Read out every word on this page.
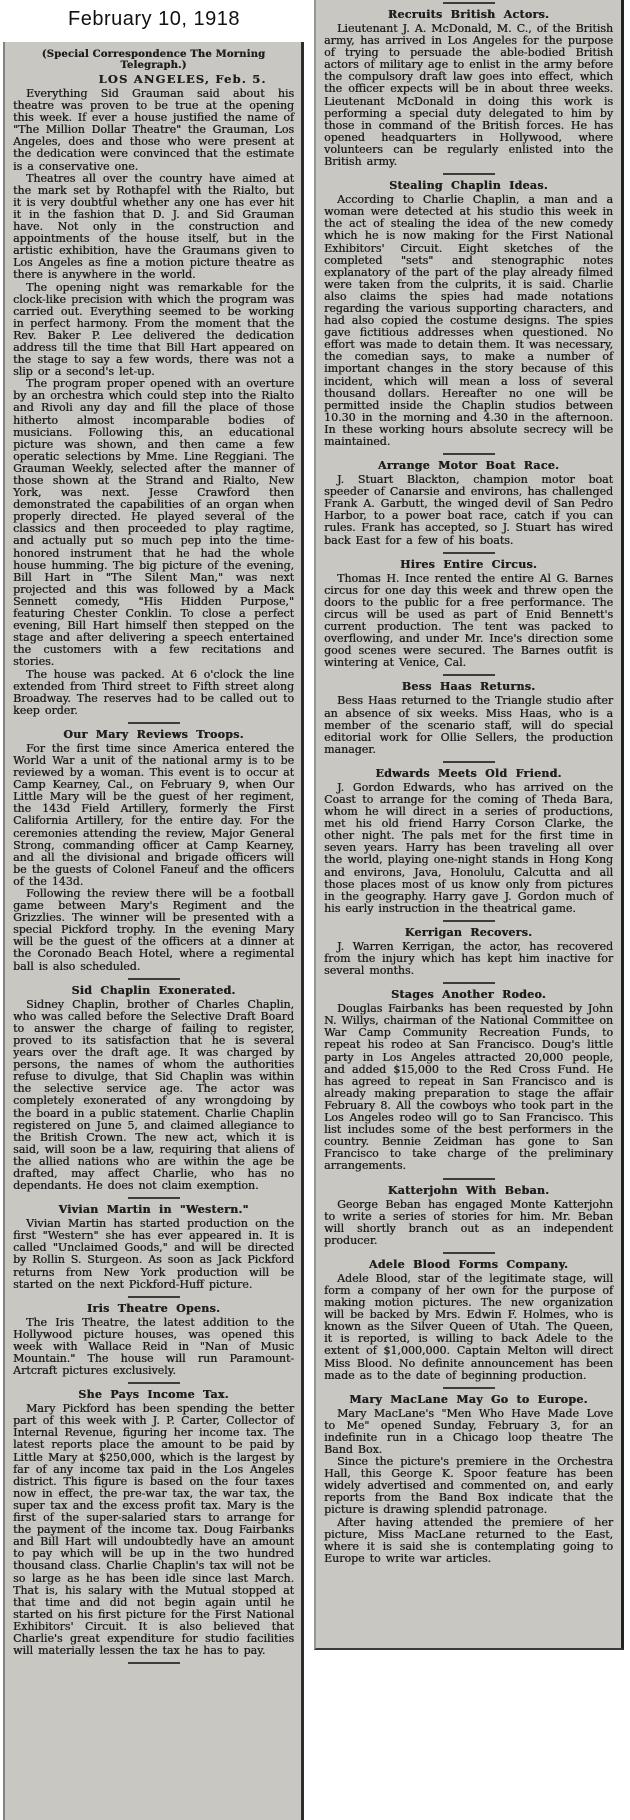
February 10, 1918
(Special Correspondence The Morning Telegraph.)
LOS ANGELES, Feb. 5.

Everything Sid Grauman said about his theatre was proven to be true at the opening this week. If ever a house justified the name of "The Million Dollar Theatre" the Grauman, Los Angeles, does and those who were present at the dedication were convinced that the estimate is a conservative one.

Theatres all over the country have aimed at the mark set by Rothapfel with the Rialto, but it is very doubtful whether any one has ever hit it in the fashion that D. J. and Sid Grauman have. Not only in the construction and appointments of the house itself, but in the artistic exhibition, have the Graumans given to Los Angeles as fine a motion picture theatre as there is anywhere in the world.

The opening night was remarkable for the clock-like precision with which the program was carried out. Everything seemed to be working in perfect harmony. From the moment that the Rev. Baker P. Lee delivered the dedication address till the time that Bill Hart appeared on the stage to say a few words, there was not a slip or a second's let-up.

The program proper opened with an overture by an orchestra which could step into the Rialto and Rivoli any day and fill the place of those hitherto almost incomparable bodies of musicians. Following this, an educational picture was shown, and then came a few operatic selections by Mme. Line Reggiani. The Grauman Weekly, selected after the manner of those shown at the Strand and Rialto, New York, was next. Jesse Crawford then demonstrated the capabilities of an organ when properly directed. He played several of the classics and then proceeded to play ragtime, and actually put so much pep into the time-honored instrument that he had the whole house humming. The big picture of the evening, Bill Hart in "The Silent Man," was next projected and this was followed by a Mack Sennett comedy, "His Hidden Purpose," featuring Chester Conklin. To close a perfect evening, Bill Hart himself then stepped on the stage and after delivering a speech entertained the customers with a few recitations and stories.

The house was packed. At 6 o'clock the line extended from Third street to Fifth street along Broadway. The reserves had to be called out to keep order.

Our Mary Reviews Troops.

For the first time since America entered the World War a unit of the national army is to be reviewed by a woman. This event is to occur at Camp Kearney, Cal., on February 9, when Our Little Mary will be the guest of her regiment, the 143d Field Artillery, formerly the First California Artillery, for the entire day. For the ceremonies attending the review, Major General Strong, commanding officer at Camp Kearney, and all the divisional and brigade officers will be the guests of Colonel Faneuf and the officers of the 143d.

Following the review there will be a football game between Mary's Regiment and the Grizzlies. The winner will be presented with a special Pickford trophy. In the evening Mary will be the guest of the officers at a dinner at the Coronado Beach Hotel, where a regimental ball is also scheduled.

Sid Chaplin Exonerated.

Sidney Chaplin, brother of Charles Chaplin, who was called before the Selective Draft Board to answer the charge of failing to register, proved to its satisfaction that he is several years over the draft age. It was charged by persons, the names of whom the authorities refuse to divulge, that Sid Chaplin was within the selective service age. The actor was completely exonerated of any wrongdoing by the board in a public statement. Charlie Chaplin registered on June 5, and claimed allegiance to the British Crown. The new act, which it is said, will soon be a law, requiring that aliens of the allied nations who are within the age be drafted, may affect Charlie, who has no dependants. He does not claim exemption.

Vivian Martin in "Western."

Vivian Martin has started production on the first "Western" she has ever appeared in. It is called "Unclaimed Goods," and will be directed by Rollin S. Sturgeon. As soon as Jack Pickford returns from New York production will be started on the next Pickford-Huff picture.

Iris Theatre Opens.

The Iris Theatre, the latest addition to the Hollywood picture houses, was opened this week with Wallace Reid in "Nan of Music Mountain." The house will run Paramount-Artcraft pictures exclusively.

She Pays Income Tax.

Mary Pickford has been spending the better part of this week with J. P. Carter, Collector of Internal Revenue, figuring her income tax. The latest reports place the amount to be paid by Little Mary at $250,000, which is the largest by far of any income tax paid in the Los Angeles district. This figure is based on the four taxes now in effect, the pre-war tax, the war tax, the super tax and the excess profit tax. Mary is the first of the super-salaried stars to arrange for the payment of the income tax. Doug Fairbanks and Bill Hart will undoubtedly have an amount to pay which will be up in the two hundred thousand class. Charlie Chaplin's tax will not be so large as he has been idle since last March. That is, his salary with the Mutual stopped at that time and did not begin again until he started on his first picture for the First National Exhibitors' Circuit. It is also believed that Charlie's great expenditure for studio facilities will materially lessen the tax he has to pay.

Recruits British Actors.

Lieutenant J. A. McDonald, M. C., of the British army, has arrived in Los Angeles for the purpose of trying to persuade the able-bodied British actors of military age to enlist in the army before the compulsory draft law goes into effect, which the officer expects will be in about three weeks. Lieutenant McDonald in doing this work is performing a special duty delegated to him by those in command of the British forces. He has opened headquarters in Hollywood, where volunteers can be regularly enlisted into the British army.

Stealing Chaplin Ideas.

According to Charlie Chaplin, a man and a woman were detected at his studio this week in the act of stealing the idea of the new comedy which he is now making for the First National Exhibitors' Circuit. Eight sketches of the completed "sets" and stenographic notes explanatory of the part of the play already filmed were taken from the culprits, it is said. Charlie also claims the spies had made notations regarding the various supporting characters, and had also copied the costume designs. The spies gave fictitious addresses when questioned. No effort was made to detain them. It was necessary, the comedian says, to make a number of important changes in the story because of this incident, which will mean a loss of several thousand dollars. Hereafter no one will be permitted inside the Chaplin studios between 10.30 in the morning and 4.30 in the afternoon. In these working hours absolute secrecy will be maintained.

Arrange Motor Boat Race.

J. Stuart Blackton, champion motor boat speeder of Canarsie and environs, has challenged Frank A. Garbutt, the winged devil of San Pedro Harbor, to a power boat race, catch if you can rules. Frank has accepted, so J. Stuart has wired back East for a few of his boats.

Hires Entire Circus.

Thomas H. Ince rented the entire Al G. Barnes circus for one day this week and threw open the doors to the public for a free performance. The circus will be used as part of Enid Bennett's current production. The tent was packed to overflowing, and under Mr. Ince's direction some good scenes were secured. The Barnes outfit is wintering at Venice, Cal.

Bess Haas Returns.

Bess Haas returned to the Triangle studio after an absence of six weeks. Miss Haas, who is a member of the scenario staff, will do special editorial work for Ollie Sellers, the production manager.

Edwards Meets Old Friend.

J. Gordon Edwards, who has arrived on the Coast to arrange for the coming of Theda Bara, whom he will direct in a series of productions, met his old friend Harry Corson Clarke, the other night. The pals met for the first time in seven years. Harry has been traveling all over the world, playing one-night stands in Hong Kong and environs, Java, Honolulu, Calcutta and all those places most of us know only from pictures in the geography. Harry gave J. Gordon much of his early instruction in the theatrical game.

Kerrigan Recovers.

J. Warren Kerrigan, the actor, has recovered from the injury which has kept him inactive for several months.

Stages Another Rodeo.

Douglas Fairbanks has been requested by John N. Willys, chairman of the National Committee on War Camp Community Recreation Funds, to repeat his rodeo at San Francisco. Doug's little party in Los Angeles attracted 20,000 people, and added $15,000 to the Red Cross Fund. He has agreed to repeat in San Francisco and is already making preparation to stage the affair February 8. All the cowboys who took part in the Los Angeles rodeo will go to San Francisco. This list includes some of the best performers in the country. Bennie Zeidman has gone to San Francisco to take charge of the preliminary arrangements.

Katterjohn With Beban.

George Beban has engaged Monte Katterjohn to write a series of stories for him. Mr. Beban will shortly branch out as an independent producer.

Adele Blood Forms Company.

Adele Blood, star of the legitimate stage, will form a company of her own for the purpose of making motion pictures. The new organization will be backed by Mrs. Edwin F. Holmes, who is known as the Silver Queen of Utah. The Queen, it is reported, is willing to back Adele to the extent of $1,000,000. Captain Melton will direct Miss Blood. No definite announcement has been made as to the date of beginning production.

Mary MacLane May Go to Europe.

Mary MacLane's "Men Who Have Made Love to Me" opened Sunday, February 3, for an indefinite run in a Chicago loop theatre The Band Box.

Since the picture's premiere in the Orchestra Hall, this George K. Spoor feature has been widely advertised and commented on, and early reports from the Band Box indicate that the picture is drawing splendid patronage.

After having attended the premiere of her picture, Miss MacLane returned to the East, where it is said she is contemplating going to Europe to write war articles.
